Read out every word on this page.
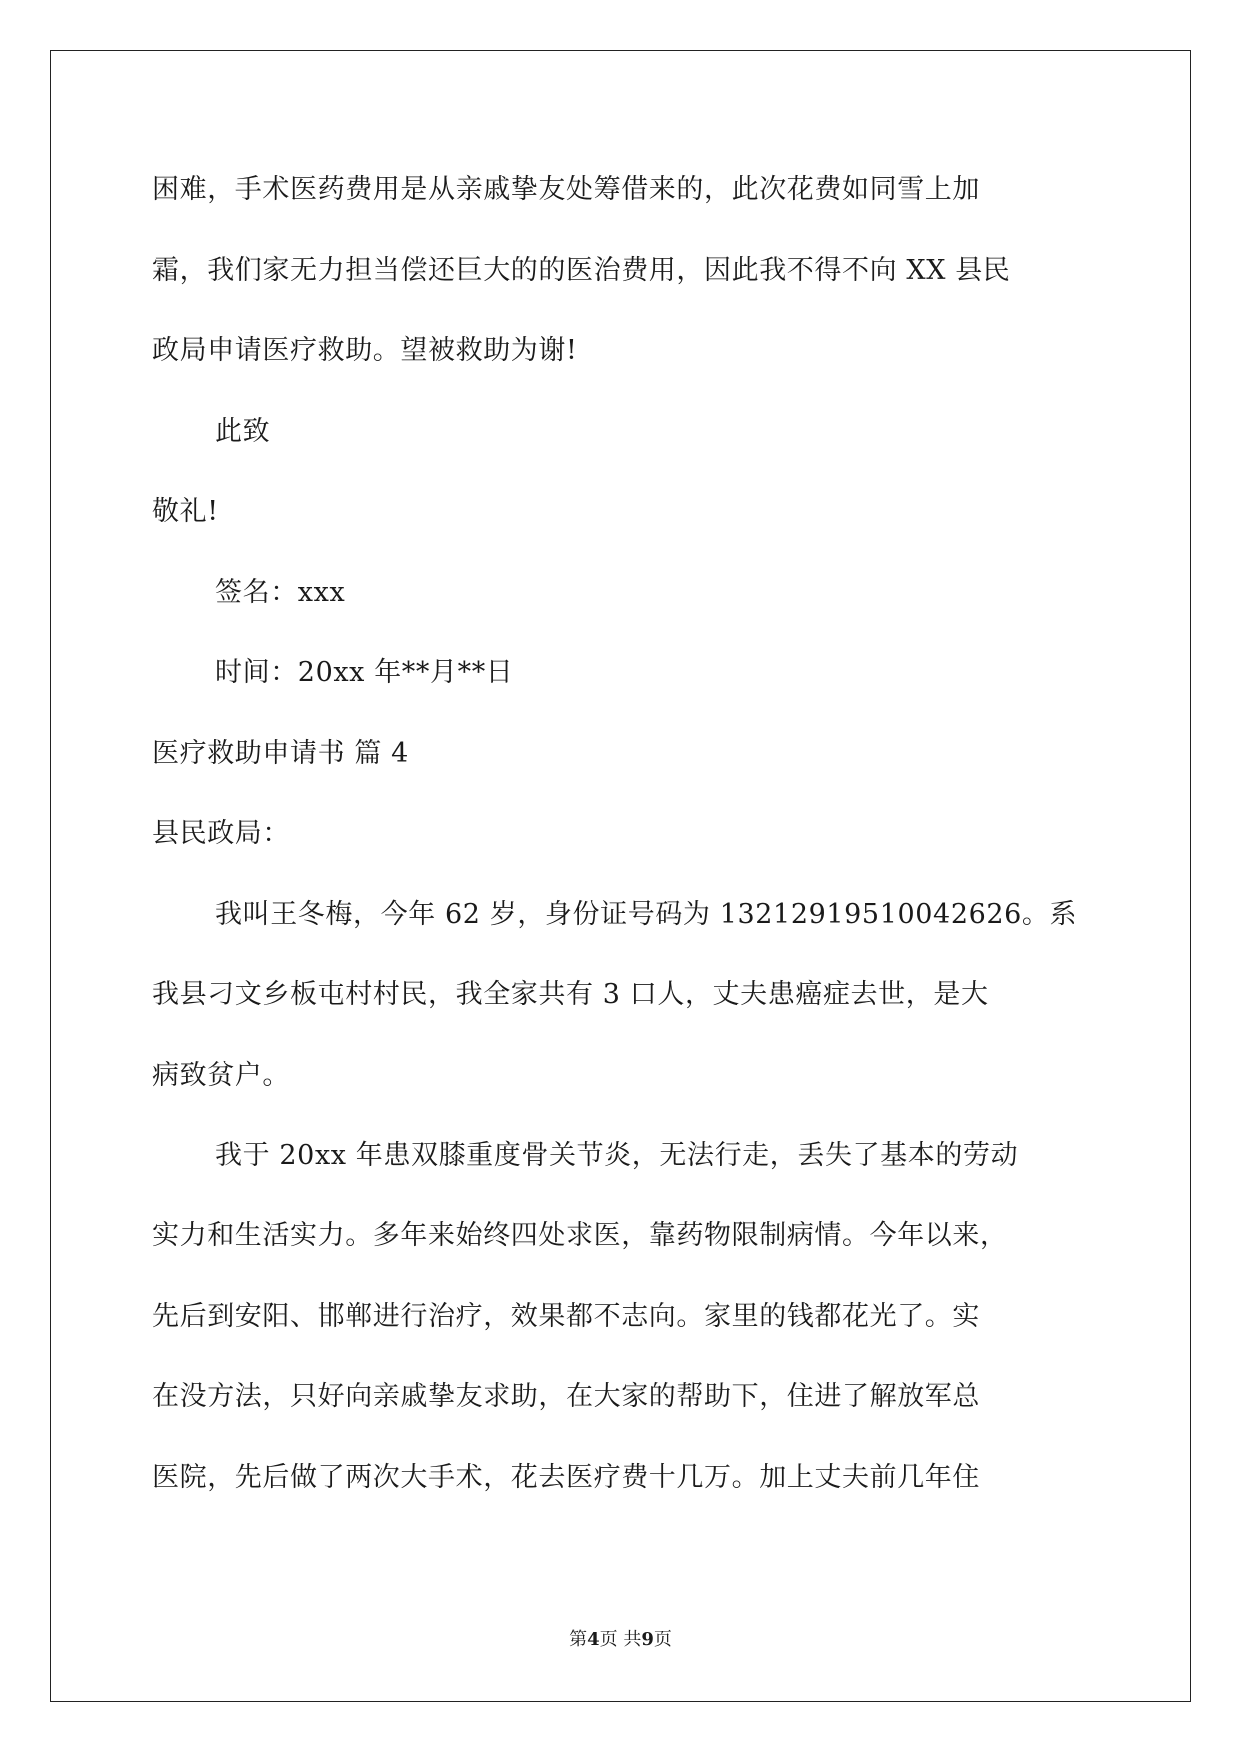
困难，手术医药费用是从亲戚挚友处筹借来的，此次花费如同雪上加
霜，我们家无力担当偿还巨大的的医治费用，因此我不得不向 XX 县民
政局申请医疗救助。望被救助为谢!
此致
敬礼!
签名：xxx
时间：20xx 年**月**日
医疗救助申请书 篇 4
县民政局：
我叫王冬梅，今年 62 岁，身份证号码为 13212919510042626。系
我县刁文乡板屯村村民，我全家共有 3 口人，丈夫患癌症去世，是大
病致贫户。
我于 20xx 年患双膝重度骨关节炎，无法行走，丢失了基本的劳动
实力和生活实力。多年来始终四处求医，靠药物限制病情。今年以来，
先后到安阳、邯郸进行治疗，效果都不志向。家里的钱都花光了。实
在没方法，只好向亲戚挚友求助，在大家的帮助下，住进了解放军总
医院，先后做了两次大手术，花去医疗费十几万。加上丈夫前几年住
第4页 共9页
